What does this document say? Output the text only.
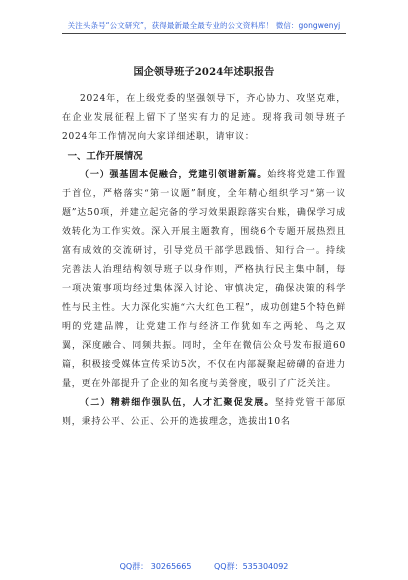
关注头条号“公文研究”，获得最新最全最专业的公文资料库！ 微信：gongwenyj
国企领导班子2024年述职报告

2024年，在上级党委的坚强领导下，齐心协力、攻坚克难，在企业发展征程上留下了坚实有力的足迹。现将我司领导班子2024年工作情况向大家详细述职，请审议：

一、工作开展情况

（一）强基固本促融合，党建引领谱新篇。始终将党建工作置于首位，严格落实“第一议题”制度，全年精心组织学习“第一议题”达50项，并建立起完备的学习效果跟踪落实台账，确保学习成效转化为工作实效。深入开展主题教育，围绕6个专题开展热烈且富有成效的交流研讨，引导党员干部学思践悟、知行合一。持续完善法人治理结构领导班子以身作则，严格执行民主集中制，每一项决策事项均经过集体深入讨论、审慎决定，确保决策的科学性与民主性。大力深化实施“六大红色工程”，成功创建5个特色鲜明的党建品牌，让党建工作与经济工作犹如车之两轮、鸟之双翼，深度融合、同频共振。同时，全年在微信公众号发布报道60篇，积极接受媒体宣传采访5次，不仅在内部凝聚起磅礴的奋进力量，更在外部提升了企业的知名度与美誉度，吸引了广泛关注。

（二）精耕细作强队伍，人才汇聚促发展。坚持党管干部原则，秉持公平、公正、公开的选拔理念，选拔出10名

QQ群： 30265665	QQ群：535304092
